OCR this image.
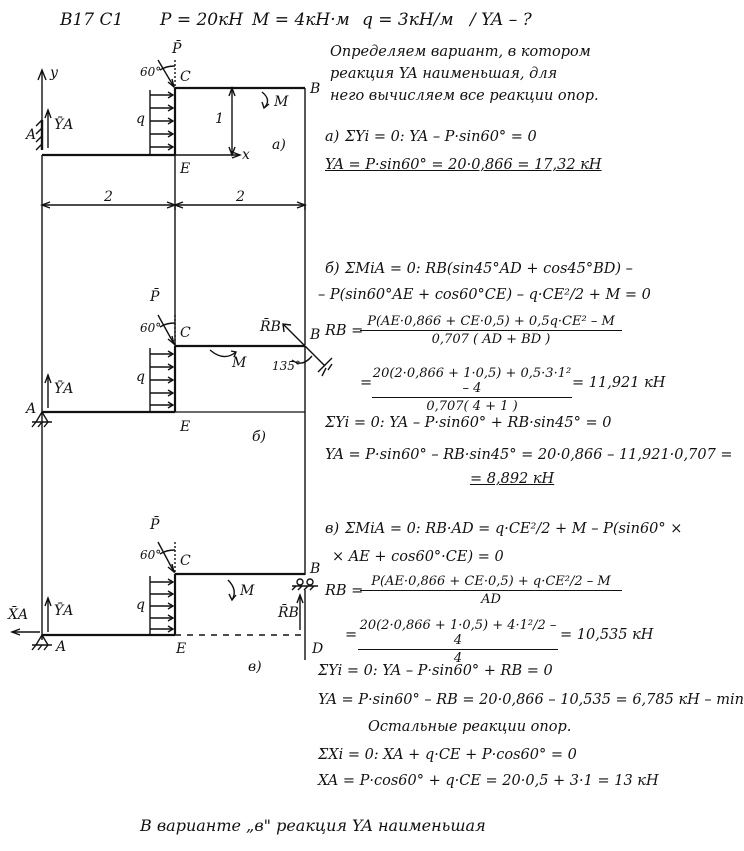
В17 С1 P = 20кН M = 4кН·м q = 3кН/м / YA – ?
Определяем вариант, в котором
реакция YA наименьшая, для
него вычисляем все реакции опор.
а) ΣYi = 0: YA – P·sin60° = 0
YA = P·sin60° = 20·0,866 = 17,32 кН
б) ΣMiA = 0: RB(sin45°AD + cos45°BD) –
– P(sin60°AE + cos60°CE) – q·CE²/2 + M = 0
RB =
P(AE·0,866 + CE·0,5) + 0,5q·CE² – M
0,707 ( AD + BD )
=
20(2·0,866 + 1·0,5) + 0,5·3·1² – 4
0,707( 4 + 1 )
= 11,921 кН
ΣYi = 0: YA – P·sin60° + RB·sin45° = 0
YA = P·sin60° – RB·sin45° = 20·0,866 – 11,921·0,707 =
= 8,892 кН
в) ΣMiA = 0: RB·AD = q·CE²/2 + M – P(sin60° ×
× AE + cos60°·CE) = 0
RB =
P(AE·0,866 + CE·0,5) + q·CE²/2 – M
AD
=
20(2·0,866 + 1·0,5) + 4·1²/2 – 4
4
= 10,535 кН
ΣYi = 0: YA – P·sin60° + RB = 0
YA = P·sin60° – RB = 20·0,866 – 10,535 = 6,785 кН – min
Остальные реакции опор.
ΣXi = 0: XA + q·CE + P·cos60° = 0
XA = P·cos60° + q·CE = 20·0,5 + 3·1 = 13 кН
В варианте „в" реакция YA наименьшая
y
A
ȲA
60°
P̄
C
B
M
q	1
E
x
а)
2	2
P̄
60° C	R̄B B
M 135°
q
ȲA
A
E
б)
P̄
60° C	B
M
q
X̄A ȲA	R̄B
A	E	D
в)
